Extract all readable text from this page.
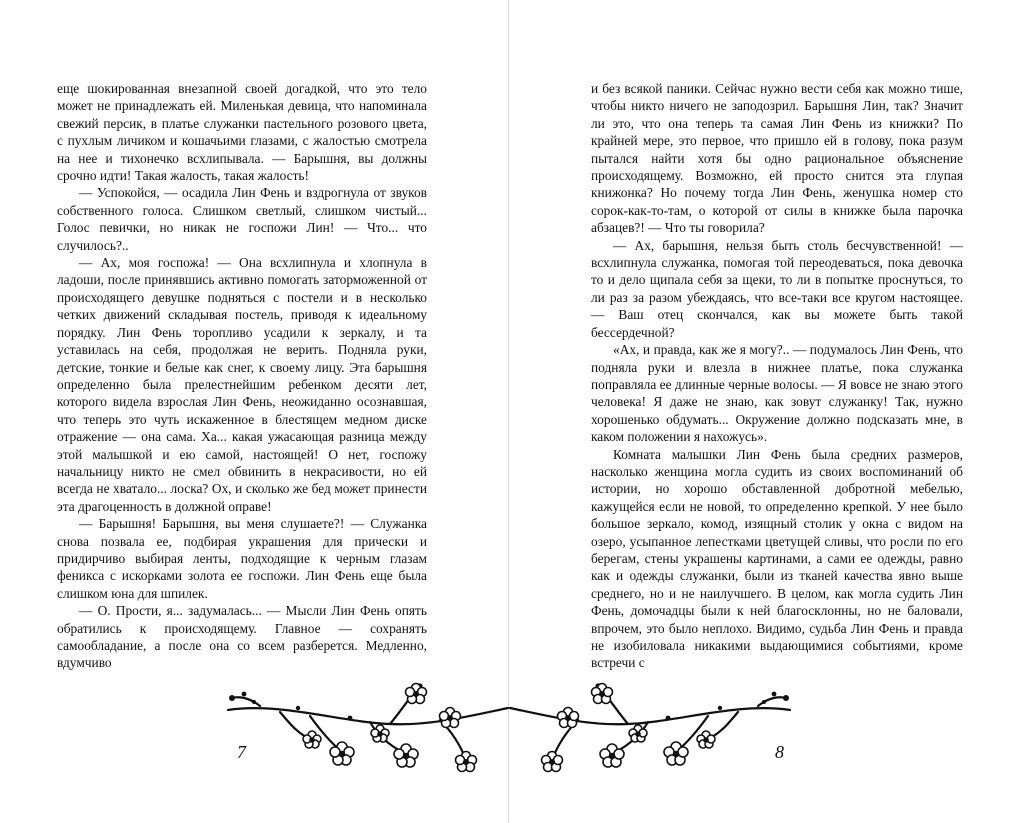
еще шокированная внезапной своей догадкой, что это тело может не принадлежать ей. Миленькая девица, что напоминала свежий персик, в платье служанки пастельного розового цвета, с пухлым личиком и кошачьими глазами, с жалостью смотрела на нее и тихонечко всхлипывала. — Барышня, вы должны срочно идти! Такая жалость, такая жалость!

— Успокойся, — осадила Лин Фень и вздрогнула от звуков собственного голоса. Слишком светлый, слишком чистый... Голос певички, но никак не госпожи Лин! — Что... что случилось?..

— Ах, моя госпожа! — Она всхлипнула и хлопнула в ладоши, после принявшись активно помогать заторможенной от происходящего девушке подняться с постели и в несколько четких движений складывая постель, приводя к идеальному порядку. Лин Фень торопливо усадили к зеркалу, и та уставилась на себя, продолжая не верить. Подняла руки, детские, тонкие и белые как снег, к своему лицу. Эта барышня определенно была прелестнейшим ребенком десяти лет, которого видела взрослая Лин Фень, неожиданно осознавшая, что теперь это чуть искаженное в блестящем медном диске отражение — она сама. Ха... какая ужасающая разница между этой малышкой и ею самой, настоящей! О нет, госпожу начальницу никто не смел обвинить в некрасивости, но ей всегда не хватало... лоска? Ох, и сколько же бед может принести эта драгоценность в должной оправе!

— Барышня! Барышня, вы меня слушаете?! — Служанка снова позвала ее, подбирая украшения для прически и придирчиво выбирая ленты, подходящие к черным глазам феникса с искорками золота ее госпожи. Лин Фень еще была слишком юна для шпилек.

— О. Прости, я... задумалась... — Мысли Лин Фень опять обратились к происходящему. Главное — сохранять самообладание, а после она со всем разберется. Медленно, вдумчиво

и без всякой паники. Сейчас нужно вести себя как можно тише, чтобы никто ничего не заподозрил. Барышня Лин, так? Значит ли это, что она теперь та самая Лин Фень из книжки? По крайней мере, это первое, что пришло ей в голову, пока разум пытался найти хотя бы одно рациональное объяснение происходящему. Возможно, ей просто снится эта глупая книжонка? Но почему тогда Лин Фень, женушка номер сто сорок-как-то-там, о которой от силы в книжке была парочка абзацев?! — Что ты говорила?

— Ах, барышня, нельзя быть столь бесчувственной! — всхлипнула служанка, помогая той переодеваться, пока девочка то и дело щипала себя за щеки, то ли в попытке проснуться, то ли раз за разом убеждаясь, что все-таки все кругом настоящее. — Ваш отец скончался, как вы можете быть такой бессердечной?

«Ах, и правда, как же я могу?.. — подумалось Лин Фень, что подняла руки и влезла в нижнее платье, пока служанка поправляла ее длинные черные волосы. — Я вовсе не знаю этого человека! Я даже не знаю, как зовут служанку! Так, нужно хорошенько обдумать... Окружение должно подсказать мне, в каком положении я нахожусь».

Комната малышки Лин Фень была средних размеров, насколько женщина могла судить из своих воспоминаний об истории, но хорошо обставленной добротной мебелью, кажущейся если не новой, то определенно крепкой. У нее было большое зеркало, комод, изящный столик у окна с видом на озеро, усыпанное лепестками цветущей сливы, что росли по его берегам, стены украшены картинами, а сами ее одежды, равно как и одежды служанки, были из тканей качества явно выше среднего, но и не наилучшего. В целом, как могла судить Лин Фень, домочадцы были к ней благосклонны, но не баловали, впрочем, это было неплохо. Видимо, судьба Лин Фень и правда не изобиловала никакими выдающимися событиями, кроме встречи с

7	8
